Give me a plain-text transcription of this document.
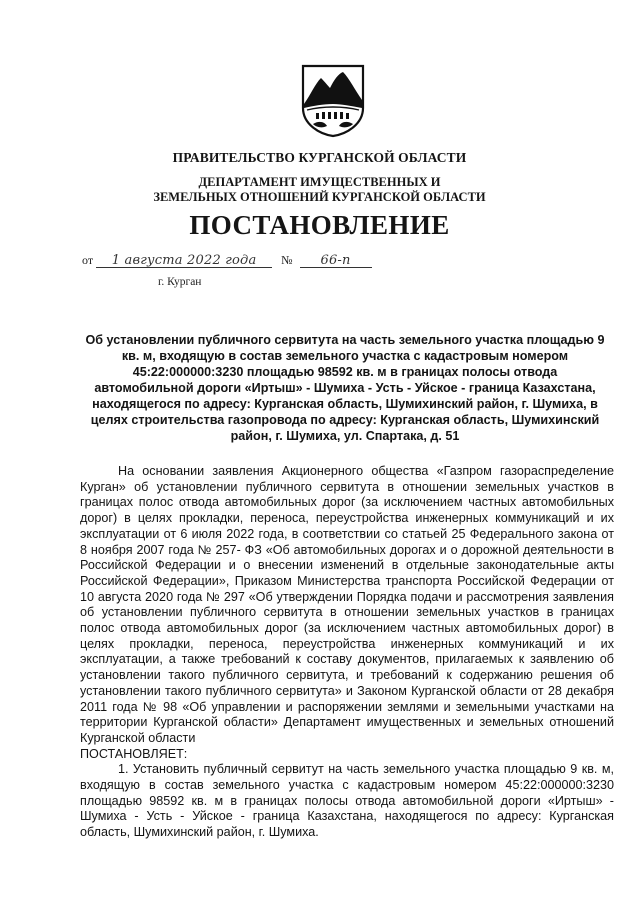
ПРАВИТЕЛЬСТВО КУРГАНСКОЙ ОБЛАСТИ
ДЕПАРТАМЕНТ ИМУЩЕСТВЕННЫХ И
ЗЕМЕЛЬНЫХ ОТНОШЕНИЙ КУРГАНСКОЙ ОБЛАСТИ
ПОСТАНОВЛЕНИЕ
от 1 августа 2022 года № 66-п
г. Курган
Об установлении публичного сервитута на часть земельного участка площадью 9 кв. м, входящую в состав земельного участка с кадастровым номером 45:22:000000:3230 площадью 98592 кв. м в границах полосы отвода автомобильной дороги «Иртыш» - Шумиха - Усть - Уйское - граница Казахстана, находящегося по адресу: Курганская область, Шумихинский район, г. Шумиха, в целях строительства газопровода по адресу: Курганская область, Шумихинский район, г. Шумиха, ул. Спартака, д. 51

На основании заявления Акционерного общества «Газпром газораспределение Курган» об установлении публичного сервитута в отношении земельных участков в границах полос отвода автомобильных дорог (за исключением частных автомобильных дорог) в целях прокладки, переноса, переустройства инженерных коммуникаций и их эксплуатации от 6 июля 2022 года, в соответствии со статьей 25 Федерального закона от 8 ноября 2007 года № 257- ФЗ «Об автомобильных дорогах и о дорожной деятельности в Российской Федерации и о внесении изменений в отдельные законодательные акты Российской Федерации», Приказом Министерства транспорта Российской Федерации от 10 августа 2020 года № 297 «Об утверждении Порядка подачи и рассмотрения заявления об установлении публичного сервитута в отношении земельных участков в границах полос отвода автомобильных дорог (за исключением частных автомобильных дорог) в целях прокладки, переноса, переустройства инженерных коммуникаций и их эксплуатации, а также требований к составу документов, прилагаемых к заявлению об установлении такого публичного сервитута, и требований к содержанию решения об установлении такого публичного сервитута» и Законом Курганской области от 28 декабря 2011 года № 98 «Об управлении и распоряжении землями и земельными участками на территории Курганской области» Департамент имущественных и земельных отношений Курганской области

ПОСТАНОВЛЯЕТ:

1. Установить публичный сервитут на часть земельного участка площадью 9 кв. м, входящую в состав земельного участка с кадастровым номером 45:22:000000:3230 площадью 98592 кв. м в границах полосы отвода автомобильной дороги «Иртыш» - Шумиха - Усть - Уйское - граница Казахстана, находящегося по адресу: Курганская область, Шумихинский район, г. Шумиха.
